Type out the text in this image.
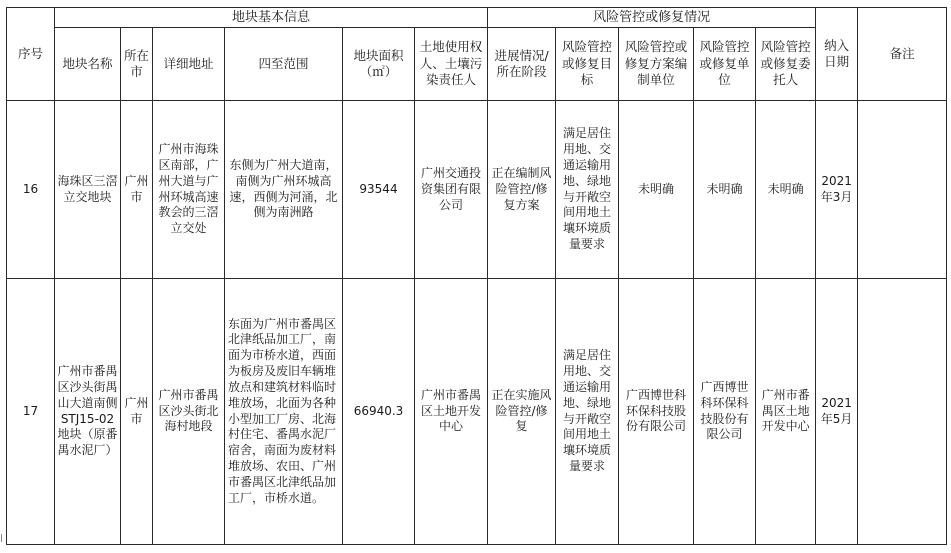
序号	地块基本信息						风险管控或修复情况					纳入日期	备注
	地块名称	所在市	详细地址	四至范围	地块面积（㎡）	土地使用权人、土壤污染责任人	进展情况/所在阶段	风险管控或修复目标	风险管控或修复方案编制单位	风险管控或修复单位	风险管控或修复委托人		
16	海珠区三滘立交地块	广州市	广州市海珠区南部，广州大道与广州环城高速教会的三滘立交处	东侧为广州大道南，南侧为广州环城高速，西侧为河涌，北侧为南洲路	93544	广州交通投资集团有限公司	正在编制风险管控/修复方案	满足居住用地、交通运输用地、绿地与开敞空间用地土壤环境质量要求	未明确	未明确	未明确	2021年3月	
17	广州市番禺区沙头街禺山大道南侧STJ15-02地块（原番禺水泥厂）	广州市	广州市番禺区沙头街北海村地段	东面为广州市番禺区北津纸品加工厂，南面为市桥水道，西面为板房及废旧车辆堆放点和建筑材料临时堆放场，北面为各种小型加工厂房、北海村住宅、番禺水泥厂宿舍，南面为废材料堆放场、农田、广州市番禺区北津纸品加工厂，市桥水道。	66940.3	广州市番禺区土地开发中心	正在实施风险管控/修复	满足居住用地、交通运输用地、绿地与开敞空间用地土壤环境质量要求	广西博世科环保科技股份有限公司	广西博世科环保科技股份有限公司	广州市番禺区土地开发中心	2021年5月	
